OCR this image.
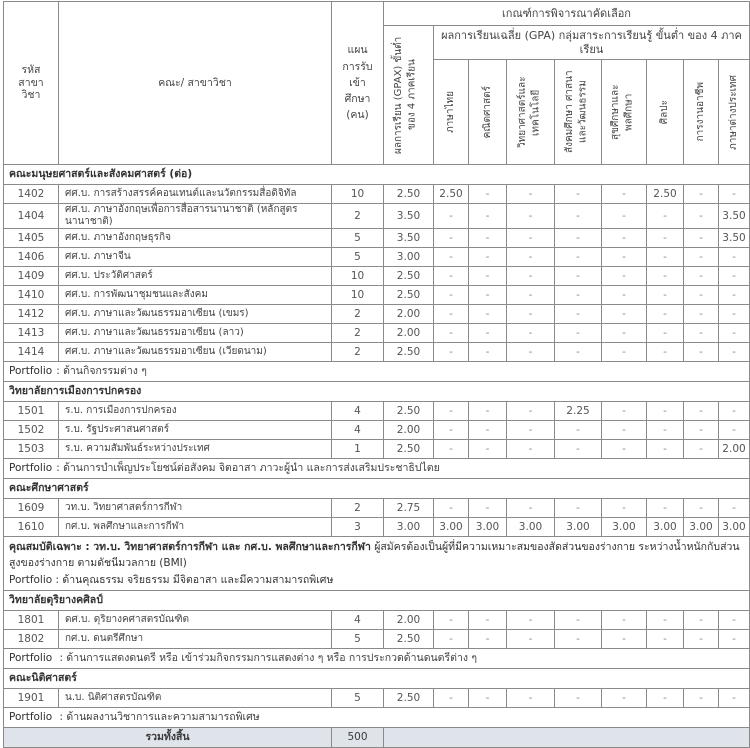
รหัส สาขาวิชา	คณะ/ สาขาวิชา	แผน การรับ เข้า ศึกษา (คน)	เกณฑ์การพิจารณาคัดเลือก								

			ผลการเรียน (GPAX) ขั้นต่ำ ของ 4 ภาคเรียน	ผลการเรียนเฉลี่ย (GPA) กลุ่มสาระการเรียนรู้ ขั้นต่ำ ของ 4 ภาคเรียน							

				ภาษาไทย	คณิตศาสตร์	วิทยาศาสตร์และ เทคโนโลยี	สังคมศึกษา ศาสนา และวัฒนธรรม	สุขศึกษาและ พลศึกษา	ศิลปะ	การงานอาชีพ	ภาษาต่างประเทศ

คณะมนุษยศาสตร์และสังคมศาสตร์ (ต่อ)											
1402	ศศ.บ. การสร้างสรรค์คอนเทนต์และนวัตกรรมสื่อดิจิทัล	10	2.50	2.50	-	-	-	-	2.50	-	-
1404	ศศ.บ. ภาษาอังกฤษเพื่อการสื่อสารนานาชาติ (หลักสูตรนานาชาติ)	2	3.50	-	-	-	-	-	-	-	3.50
1405	ศศ.บ. ภาษาอังกฤษธุรกิจ	5	3.50	-	-	-	-	-	-	-	3.50
1406	ศศ.บ. ภาษาจีน	5	3.00	-	-	-	-	-	-	-	-
1409	ศศ.บ. ประวัติศาสตร์	10	2.50	-	-	-	-	-	-	-	-
1410	ศศ.บ. การพัฒนาชุมชนและสังคม	10	2.50	-	-	-	-	-	-	-	-
1412	ศศ.บ. ภาษาและวัฒนธรรมอาเซียน (เขมร)	2	2.00	-	-	-	-	-	-	-	-
1413	ศศ.บ. ภาษาและวัฒนธรรมอาเซียน (ลาว)	2	2.00	-	-	-	-	-	-	-	-
1414	ศศ.บ. ภาษาและวัฒนธรรมอาเซียน (เวียดนาม)	2	2.50	-	-	-	-	-	-	-	-
Portfolio : ด้านกิจกรรมต่าง ๆ											
วิทยาลัยการเมืองการปกครอง											
1501	ร.บ. การเมืองการปกครอง	4	2.50	-	-	-	2.25	-	-	-	-
1502	ร.บ. รัฐประศาสนศาสตร์	4	2.00	-	-	-	-	-	-	-	-
1503	ร.บ. ความสัมพันธ์ระหว่างประเทศ	1	2.50	-	-	-	-	-	-	-	2.00
Portfolio : ด้านการบำเพ็ญประโยชน์ต่อสังคม จิตอาสา ภาวะผู้นำ และการส่งเสริมประชาธิปไตย											
คณะศึกษาศาสตร์											
1609	วท.บ. วิทยาศาสตร์การกีฬา	2	2.75	-	-	-	-	-	-	-	-
1610	กศ.บ. พลศึกษาและการกีฬา	3	3.00	3.00	3.00	3.00	3.00	3.00	3.00	3.00	3.00
คุณสมบัติเฉพาะ : วท.บ. วิทยาศาสตร์การกีฬา และ กศ.บ. พลศึกษาและการกีฬา ผู้สมัครต้องเป็นผู้ที่มีความเหมาะสมของสัดส่วนของร่างกาย ระหว่างน้ำหนักกับส่วนสูงของร่างกาย ตามดัชนีมวลกาย (BMI)
Portfolio : ด้านคุณธรรม จริยธรรม มีจิตอาสา และมีความสามารถพิเศษ											

วิทยาลัยดุริยางคศิลป์											
1801	ดศ.บ. ดุริยางคศาสตรบัณฑิต	4	2.00	-	-	-	-	-	-	-	-
1802	กศ.บ. ดนตรีศึกษา	5	2.50	-	-	-	-	-	-	-	-
Portfolio : ด้านการแสดงดนตรี หรือ เข้าร่วมกิจกรรมการแสดงต่าง ๆ หรือ การประกวดด้านดนตรีต่าง ๆ											
คณะนิติศาสตร์											
1901	น.บ. นิติศาสตรบัณฑิต	5	2.50	-	-	-	-	-	-	-	-
Portfolio : ด้านผลงานวิชาการและความสามารถพิเศษ											
รวมทั้งสิ้น		500									
